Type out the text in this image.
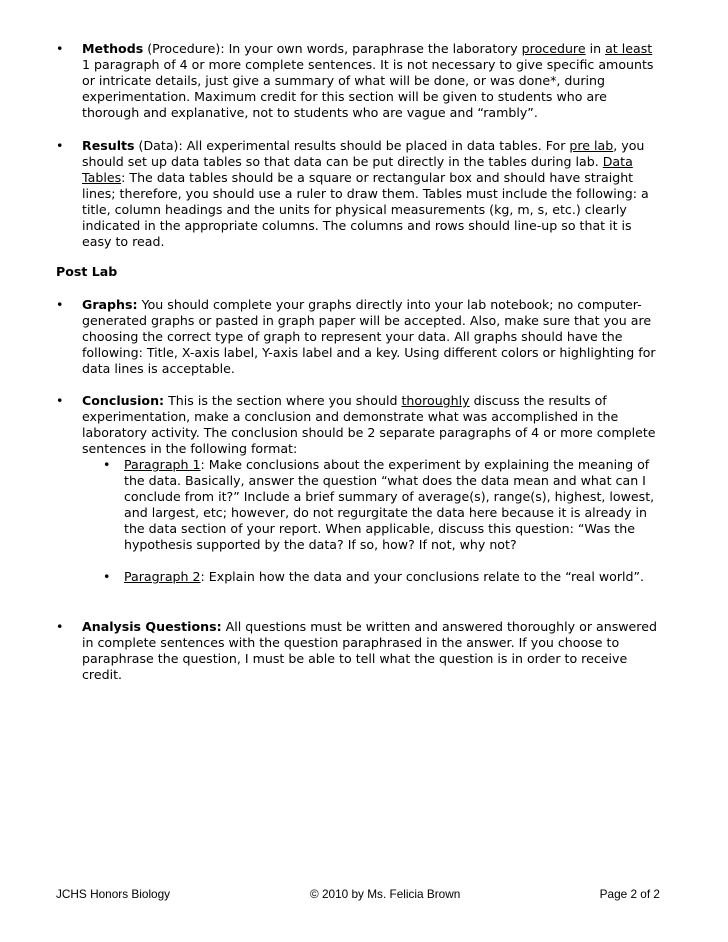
•	Methods (Procedure): In your own words, paraphrase the laboratory procedure in at least 1 paragraph of 4 or more complete sentences. It is not necessary to give specific amounts or intricate details, just give a summary of what will be done, or was done*, during experimentation. Maximum credit for this section will be given to students who are thorough and explanative, not to students who are vague and “rambly”.
•	Results (Data): All experimental results should be placed in data tables. For pre lab, you should set up data tables so that data can be put directly in the tables during lab. Data Tables: The data tables should be a square or rectangular box and should have straight lines; therefore, you should use a ruler to draw them. Tables must include the following: a title, column headings and the units for physical measurements (kg, m, s, etc.) clearly indicated in the appropriate columns. The columns and rows should line-up so that it is easy to read.
Post Lab
•	Graphs: You should complete your graphs directly into your lab notebook; no computer-generated graphs or pasted in graph paper will be accepted. Also, make sure that you are choosing the correct type of graph to represent your data. All graphs should have the following: Title, X-axis label, Y-axis label and a key. Using different colors or highlighting for data lines is acceptable.
•	Conclusion: This is the section where you should thoroughly discuss the results of experimentation, make a conclusion and demonstrate what was accomplished in the laboratory activity. The conclusion should be 2 separate paragraphs of 4 or more complete sentences in the following format:
•	Paragraph 1: Make conclusions about the experiment by explaining the meaning of the data. Basically, answer the question “what does the data mean and what can I conclude from it?” Include a brief summary of average(s), range(s), highest, lowest, and largest, etc; however, do not regurgitate the data here because it is already in the data section of your report. When applicable, discuss this question: “Was the hypothesis supported by the data? If so, how? If not, why not?
•	Paragraph 2: Explain how the data and your conclusions relate to the “real world”.
•	Analysis Questions: All questions must be written and answered thoroughly or answered in complete sentences with the question paraphrased in the answer. If you choose to paraphrase the question, I must be able to tell what the question is in order to receive credit.
JCHS Honors Biology	© 2010 by Ms. Felicia Brown	Page 2 of 2
